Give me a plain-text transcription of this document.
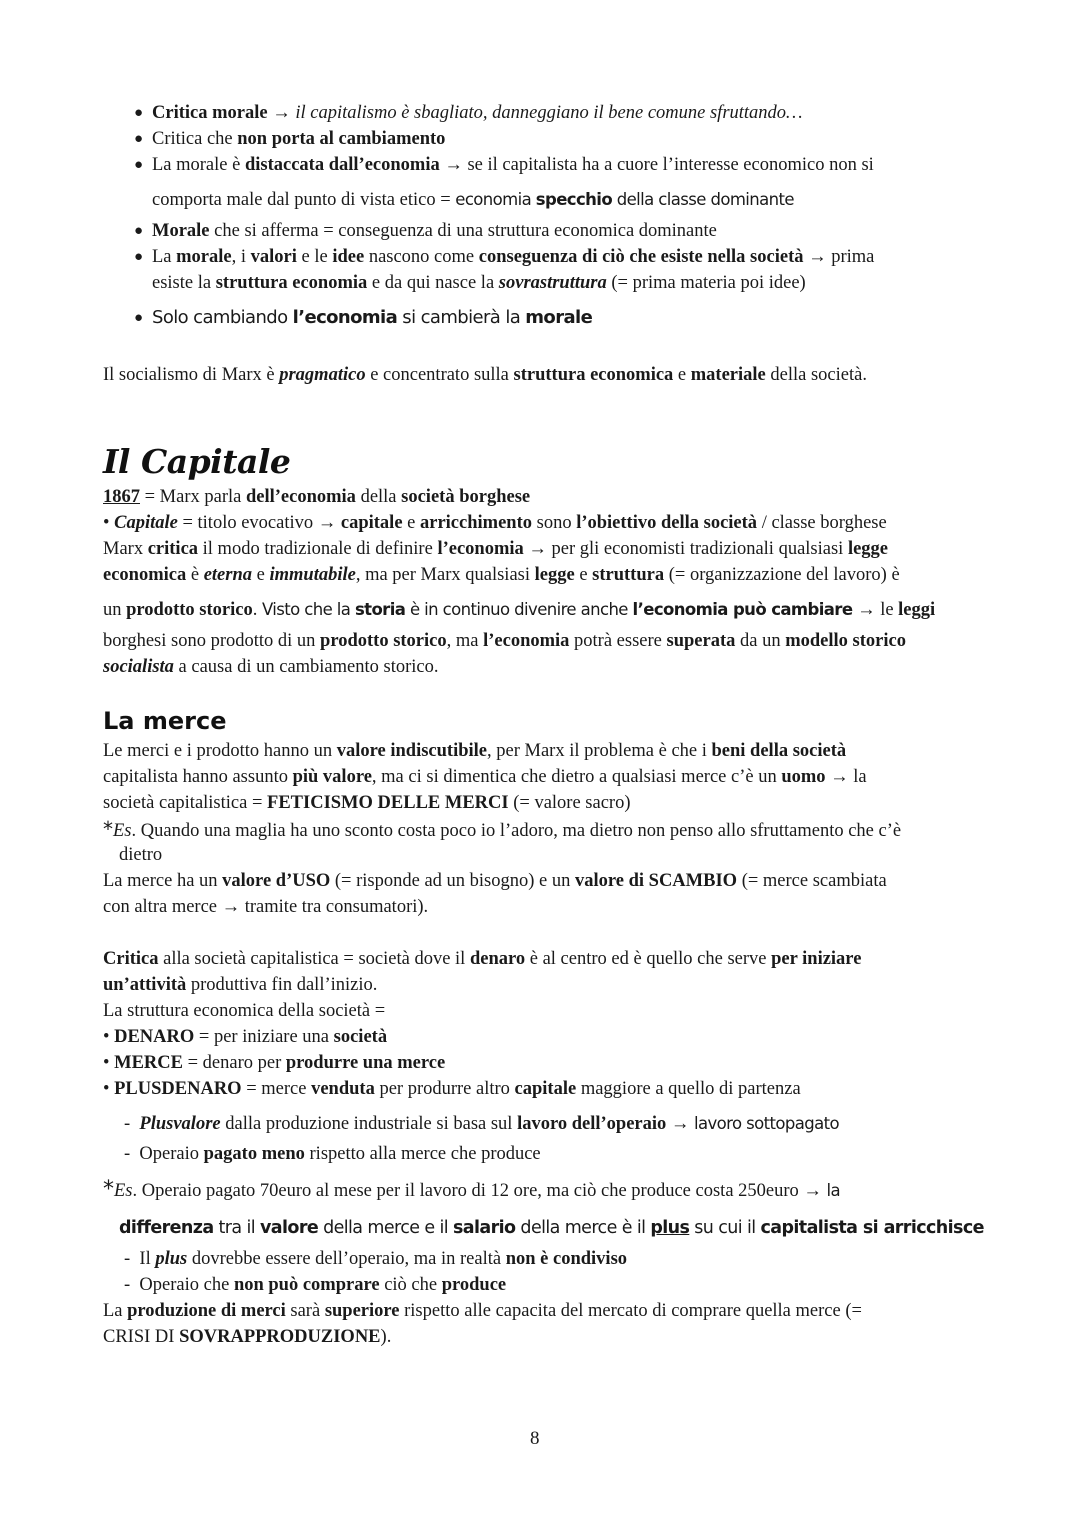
● Critica morale → il capitalismo è sbagliato, danneggiano il bene comune sfruttando…
● Critica che non porta al cambiamento
● La morale è distaccata dall’economia → se il capitalista ha a cuore l’interesse economico non si
comporta male dal punto di vista etico = economia specchio della classe dominante
● Morale che si afferma = conseguenza di una struttura economica dominante
● La morale, i valori e le idee nascono come conseguenza di ciò che esiste nella società → prima
esiste la struttura economia e da qui nasce la sovrastruttura (= prima materia poi idee)
● Solo cambiando l’economia si cambierà la morale
Il socialismo di Marx è pragmatico e concentrato sulla struttura economica e materiale della società.
Il Capitale
1867 = Marx parla dell’economia della società borghese
• Capitale = titolo evocativo → capitale e arricchimento sono l’obiettivo della società / classe borghese
Marx critica il modo tradizionale di definire l’economia → per gli economisti tradizionali qualsiasi legge
economica è eterna e immutabile, ma per Marx qualsiasi legge e struttura (= organizzazione del lavoro) è
un prodotto storico. Visto che la storia è in continuo divenire anche l’economia può cambiare → le leggi
borghesi sono prodotto di un prodotto storico, ma l’economia potrà essere superata da un modello storico
socialista a causa di un cambiamento storico.
La merce
Le merci e i prodotto hanno un valore indiscutibile, per Marx il problema è che i beni della società
capitalista hanno assunto più valore, ma ci si dimentica che dietro a qualsiasi merce c’è un uomo → la
società capitalistica = FETICISMO DELLE MERCI (= valore sacro)
*Es. Quando una maglia ha uno sconto costa poco io l’adoro, ma dietro non penso allo sfruttamento che c’è
dietro
La merce ha un valore d’USO (= risponde ad un bisogno) e un valore di SCAMBIO (= merce scambiata
con altra merce → tramite tra consumatori).
Critica alla società capitalistica = società dove il denaro è al centro ed è quello che serve per iniziare
un’attività produttiva fin dall’inizio.
La struttura economica della società =
• DENARO = per iniziare una società
• MERCE = denaro per produrre una merce
• PLUSDENARO = merce venduta per produrre altro capitale maggiore a quello di partenza
- Plusvalore dalla produzione industriale si basa sul lavoro dell’operaio → lavoro sottopagato
- Operaio pagato meno rispetto alla merce che produce
*Es. Operaio pagato 70euro al mese per il lavoro di 12 ore, ma ciò che produce costa 250euro → la
differenza tra il valore della merce e il salario della merce è il plus su cui il capitalista si arricchisce
- Il plus dovrebbe essere dell’operaio, ma in realtà non è condiviso
- Operaio che non può comprare ciò che produce
La produzione di merci sarà superiore rispetto alle capacita del mercato di comprare quella merce (=
CRISI DI SOVRAPPRODUZIONE).
8
